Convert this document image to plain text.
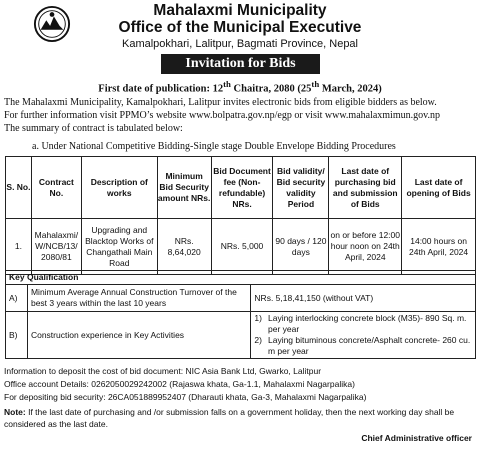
Mahalaxmi Municipality
Office of the Municipal Executive
Kamalpokhari, Lalitpur, Bagmati Province, Nepal
Invitation for Bids
First date of publication: 12th Chaitra, 2080 (25th March, 2024)
The Mahalaxmi Municipality, Kamalpokhari, Lalitpur invites electronic bids from eligible bidders as below.
For further information visit PPMO’s website www.bolpatra.gov.np/egp or visit www.mahalaxmimun.gov.np
The summary of contract is tabulated below:
a. Under National Competitive Bidding-Single stage Double Envelope Bidding Procedures
S. No.	Contract No.	Description of works	Minimum Bid Security amount NRs.	Bid Document fee (Non-refundable) NRs.	Bid validity/ Bid security validity Period	Last date of purchasing bid and submission of Bids	Last date of opening of Bids
1.	Mahalaxmi/ W/NCB/13/ 2080/81	Upgrading and Blacktop Works of Changathali Main Road	NRs. 8,64,020	NRs. 5,000	90 days / 120 days	on or before 12:00 hour noon on 24th April, 2024	14:00 hours on 24th April, 2024
Key Qualification		
A)	Minimum Average Annual Construction Turnover of the best 3 years within the last 10 years	NRs. 5,18,41,150 (without VAT)
B)	Construction experience in Key Activities	1) Laying interlocking concrete block (M35)- 890 Sq. m. per year
2) Laying bituminous concrete/Asphalt concrete- 260 cu. m per year
Information to deposit the cost of bid document: NIC Asia Bank Ltd, Gwarko, Lalitpur
Office account Details: 0262050029242002 (Rajaswa khata, Ga-1.1, Mahalaxmi Nagarpalika)
For depositing bid security: 26CA051889952407 (Dharauti khata, Ga-3, Mahalaxmi Nagarpalika)
Note: If the last date of purchasing and /or submission falls on a government holiday, then the next working day shall be considered as the last date.
Chief Administrative officer
